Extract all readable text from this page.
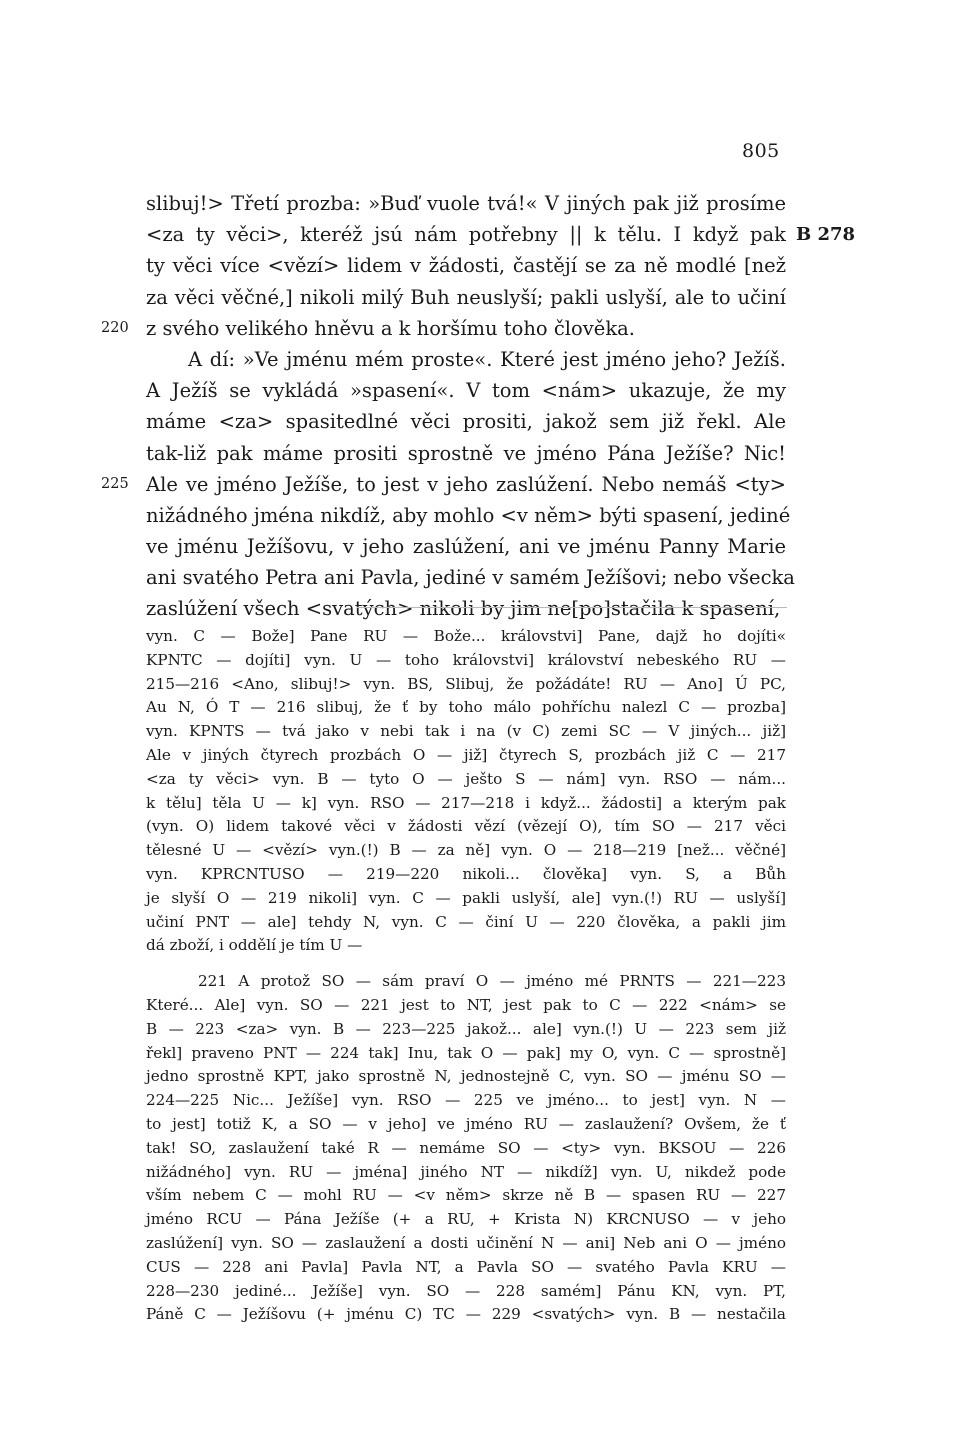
805
slibuj!> Třetí prozba: »Buď vuole tvá!« V jiných pak již prosíme
<za ty věci>, kteréž jsú nám potřebny || k tělu. I když pak B 278
ty věci více <vězí> lidem v žádosti, častějí se za ně modlé [než
za věci věčné,] nikoli milý Buh neuslyší; pakli uslyší, ale to učiní
220 z svého velikého hněvu a k horšímu toho člověka.
A dí: »Ve jménu mém proste«. Které jest jméno jeho? Ježíš.
A Ježíš se vykládá »spasení«. V tom <nám> ukazuje, že my
máme <za> spasitedlné věci prositi, jakož sem již řekl. Ale
tak-liž pak máme prositi sprostně ve jméno Pána Ježíše? Nic!
225 Ale ve jméno Ježíše, to jest v jeho zaslúžení. Nebo nemáš <ty>
nižádného jména nikdíž, aby mohlo <v něm> býti spasení, jediné
ve jménu Ježíšovu, v jeho zaslúžení, ani ve jménu Panny Marie
ani svatého Petra ani Pavla, jediné v samém Ježíšovi; nebo všecka
zaslúžení všech <svatých> nikoli by jim ne[po]stačila k spasení,
vyn. C — Bože] Pane RU — Bože... královstvi] Pane, dajž ho dojíti«
KPNTC — dojíti] vyn. U — toho královstvi] království nebeského RU —
215—216 <Ano, slibuj!> vyn. BS, Slibuj, že požádáte! RU — Ano] Ú PC,
Au N, Ó T — 216 slibuj, že ť by toho málo pohříchu nalezl C — prozba]
vyn. KPNTS — tvá jako v nebi tak i na (v C) zemi SC — V jiných... již]
Ale v jiných čtyrech prozbách O — již] čtyrech S, prozbách již C — 217
<za ty věci> vyn. B — tyto O — ješto S — nám] vyn. RSO — nám...
k tělu] těla U — k] vyn. RSO — 217—218 i když... žádosti] a kterým pak
(vyn. O) lidem takové věci v žádosti vězí (vězejí O), tím SO — 217 věci
tělesné U — <vězí> vyn.(!) B — za ně] vyn. O — 218—219 [než... věčné]
vyn. KPRCNTUSO — 219—220 nikoli... člověka] vyn. S, a Bůh
je slyší O — 219 nikoli] vyn. C — pakli uslyší, ale] vyn.(!) RU — uslyší]
učiní PNT — ale] tehdy N, vyn. C — činí U — 220 člověka, a pakli jim
dá zboží, i oddělí je tím U —
221 A protož SO — sám praví O — jméno mé PRNTS — 221—223
Které... Ale] vyn. SO — 221 jest to NT, jest pak to C — 222 <nám> se
B — 223 <za> vyn. B — 223—225 jakož... ale] vyn.(!) U — 223 sem již
řekl] praveno PNT — 224 tak] Inu, tak O — pak] my O, vyn. C — sprostně]
jedno sprostně KPT, jako sprostně N, jednostejně C, vyn. SO — jménu SO —
224—225 Nic... Ježíše] vyn. RSO — 225 ve jméno... to jest] vyn. N —
to jest] totiž K, a SO — v jeho] ve jméno RU — zaslaužení? Ovšem, že ť
tak! SO, zaslaužení také R — nemáme SO — <ty> vyn. BKSOU — 226
nižádného] vyn. RU — jména] jiného NT — nikdíž] vyn. U, nikdež pode
vším nebem C — mohl RU — <v něm> skrze ně B — spasen RU — 227
jméno RCU — Pána Ježíše (+ a RU, + Krista N) KRCNUSO — v jeho
zaslúžení] vyn. SO — zaslaužení a dosti učinění N — ani] Neb ani O — jméno
CUS — 228 ani Pavla] Pavla NT, a Pavla SO — svatého Pavla KRU —
228—230 jediné... Ježíše] vyn. SO — 228 samém] Pánu KN, vyn. PT,
Páně C — Ježíšovu (+ jménu C) TC — 229 <svatých> vyn. B — nestačila
